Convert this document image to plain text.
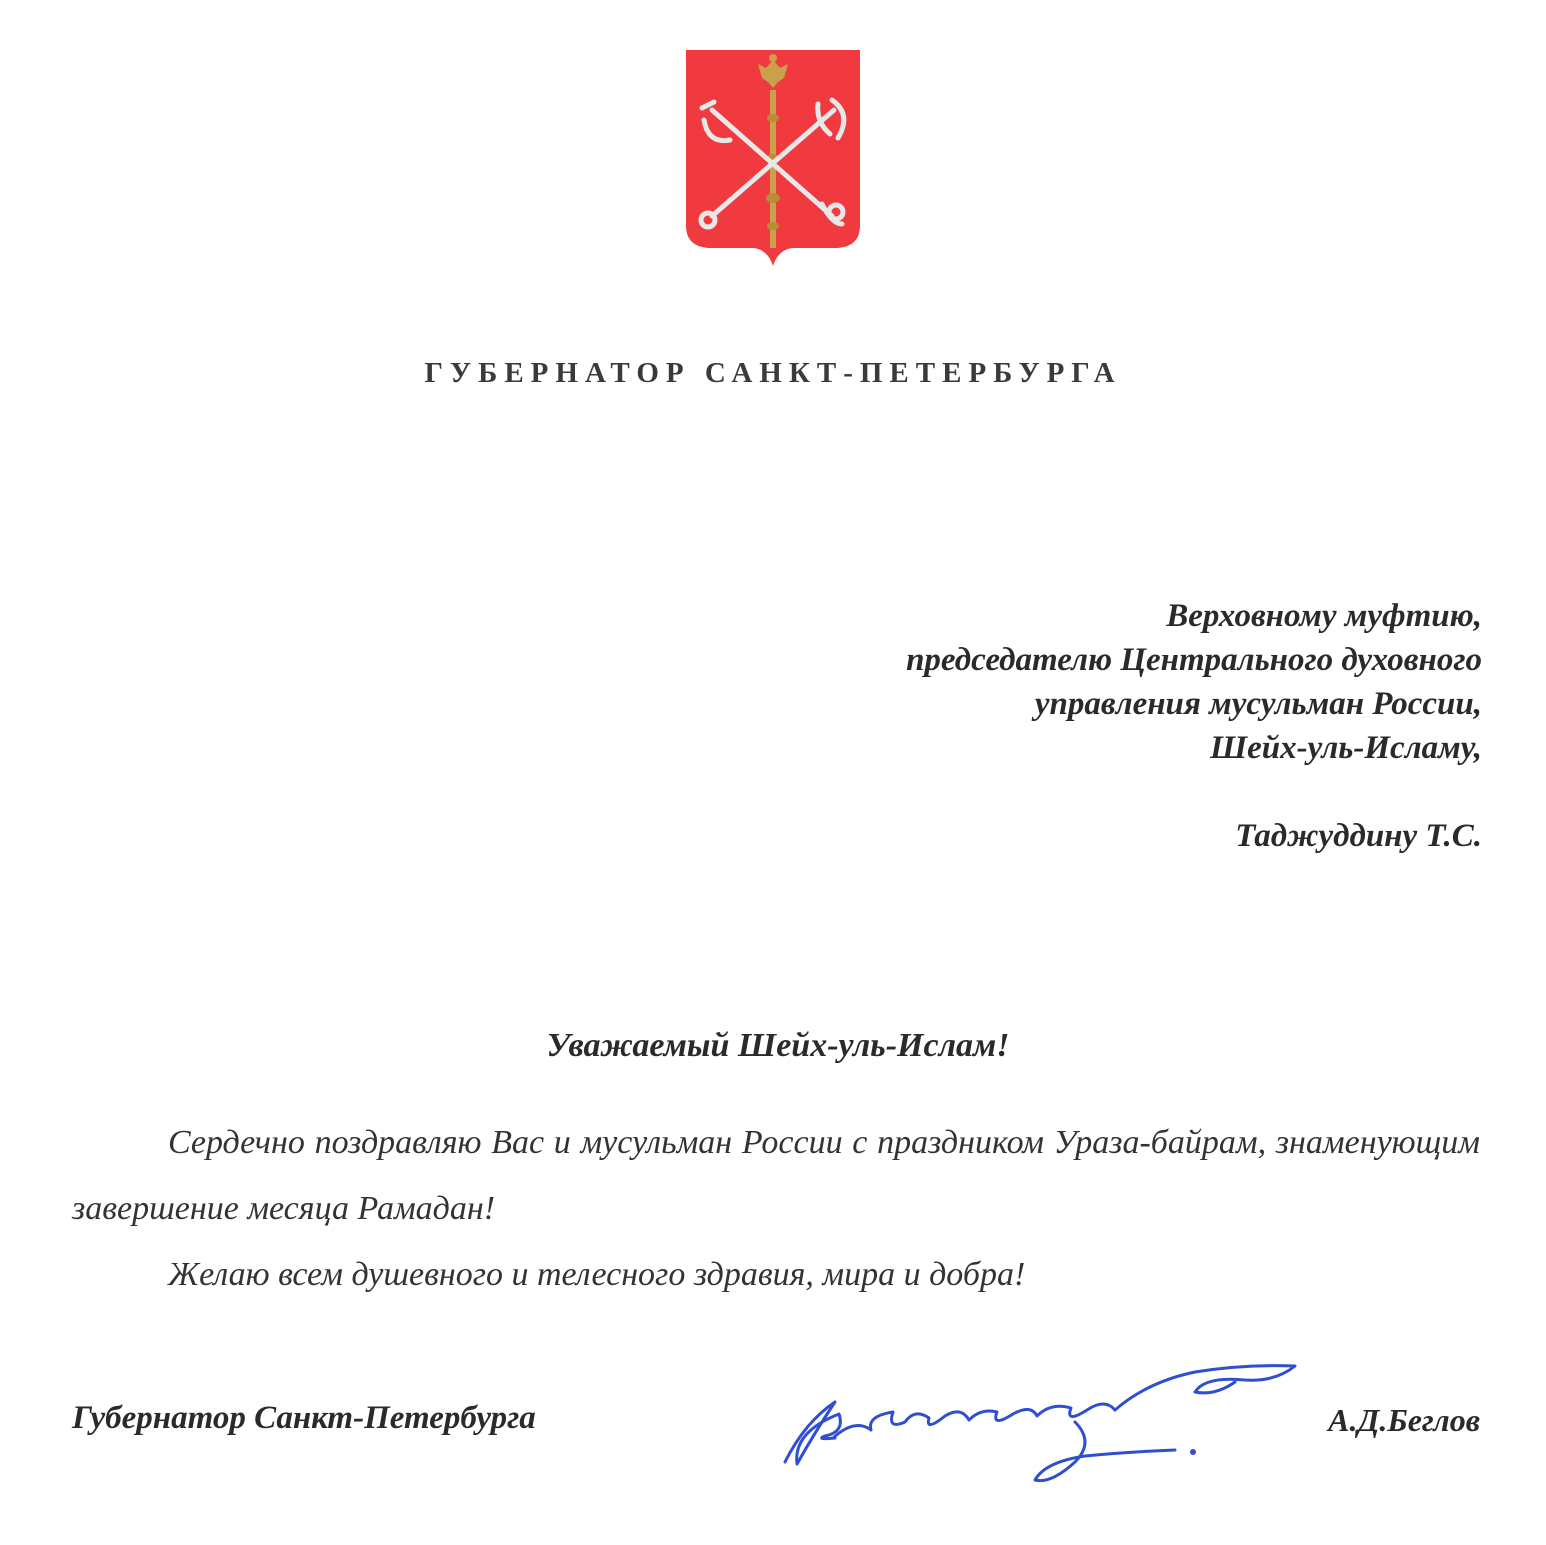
ГУБЕРНАТОР САНКТ-ПЕТЕРБУРГА
Верховному муфтию,
председателю Центрального духовного
управления мусульман России,
Шейх-уль-Исламу,
Таджуддину Т.С.
Уважаемый Шейх-уль-Ислам!

Сердечно поздравляю Вас и мусульман России с праздником Ураза-байрам, знаменующим завершение месяца Рамадан!

Желаю всем душевного и телесного здравия, мира и добра!

Губернатор Санкт-Петербурга	А.Д.Беглов
